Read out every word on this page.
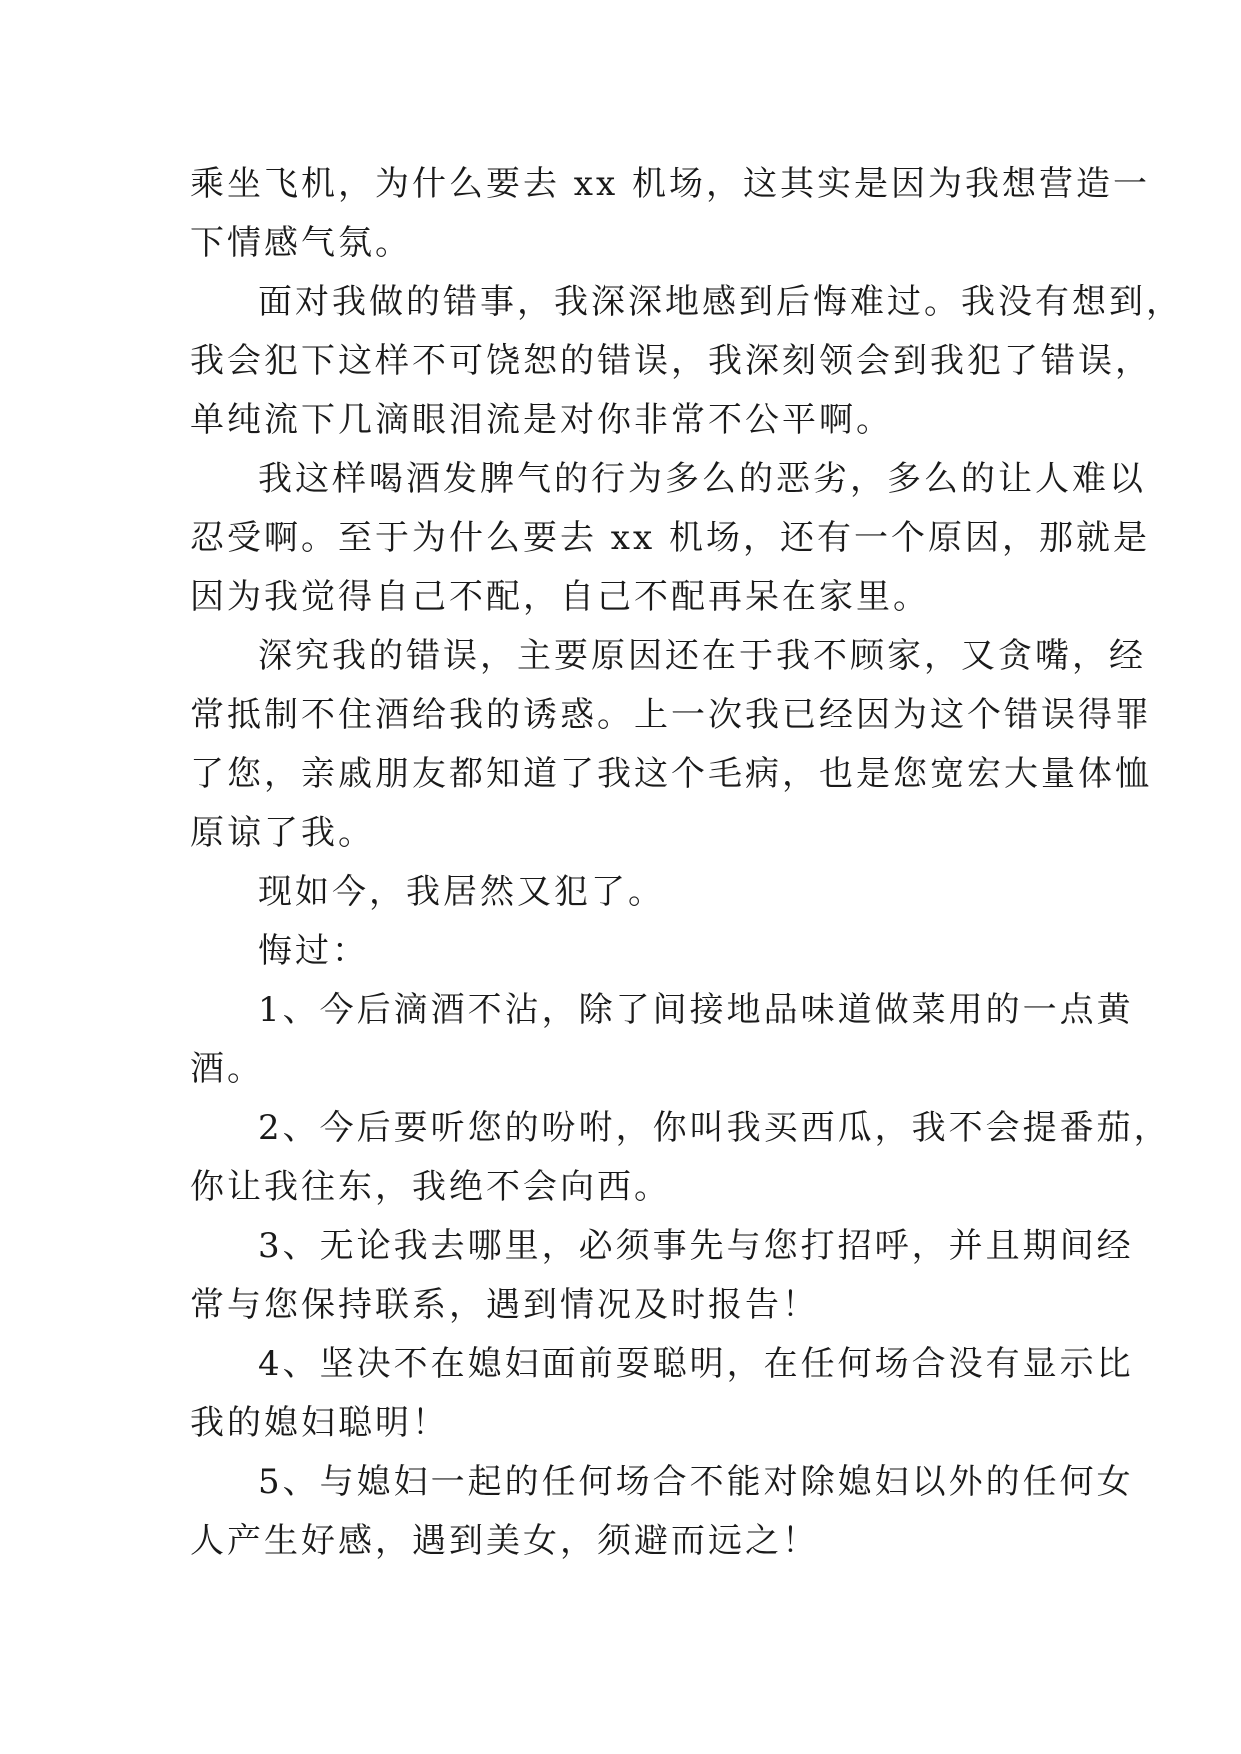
乘坐飞机，为什么要去 xx 机场，这其实是因为我想营造一
下情感气氛。
面对我做的错事，我深深地感到后悔难过。我没有想到，
我会犯下这样不可饶恕的错误，我深刻领会到我犯了错误，
单纯流下几滴眼泪流是对你非常不公平啊。
我这样喝酒发脾气的行为多么的恶劣，多么的让人难以
忍受啊。至于为什么要去 xx 机场，还有一个原因，那就是
因为我觉得自己不配，自己不配再呆在家里。
深究我的错误，主要原因还在于我不顾家，又贪嘴，经
常抵制不住酒给我的诱惑。上一次我已经因为这个错误得罪
了您，亲戚朋友都知道了我这个毛病，也是您宽宏大量体恤
原谅了我。
现如今，我居然又犯了。
悔过：
1、今后滴酒不沾，除了间接地品味道做菜用的一点黄
酒。
2、今后要听您的吩咐，你叫我买西瓜，我不会提番茄，
你让我往东，我绝不会向西。
3、无论我去哪里，必须事先与您打招呼，并且期间经
常与您保持联系，遇到情况及时报告！
4、坚决不在媳妇面前耍聪明，在任何场合没有显示比
我的媳妇聪明！
5、与媳妇一起的任何场合不能对除媳妇以外的任何女
人产生好感，遇到美女，须避而远之！
